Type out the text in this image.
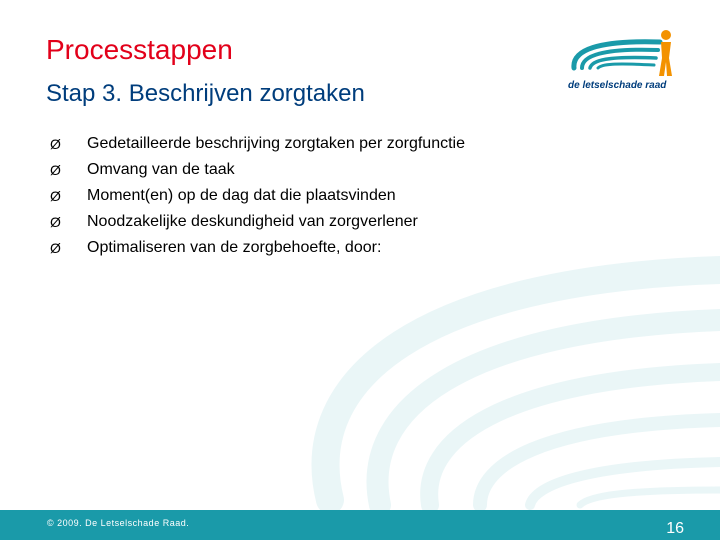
Processtappen
Stap 3. Beschrijven zorgtaken	de letselschade raad
Ø Gedetailleerde beschrijving zorgtaken per zorgfunctie
Ø Omvang van de taak
Ø Moment(en) op de dag dat die plaatsvinden
Ø Noodzakelijke deskundigheid van zorgverlener
Ø Optimaliseren van de zorgbehoefte, door:
© 2009. De Letselschade Raad.	16
